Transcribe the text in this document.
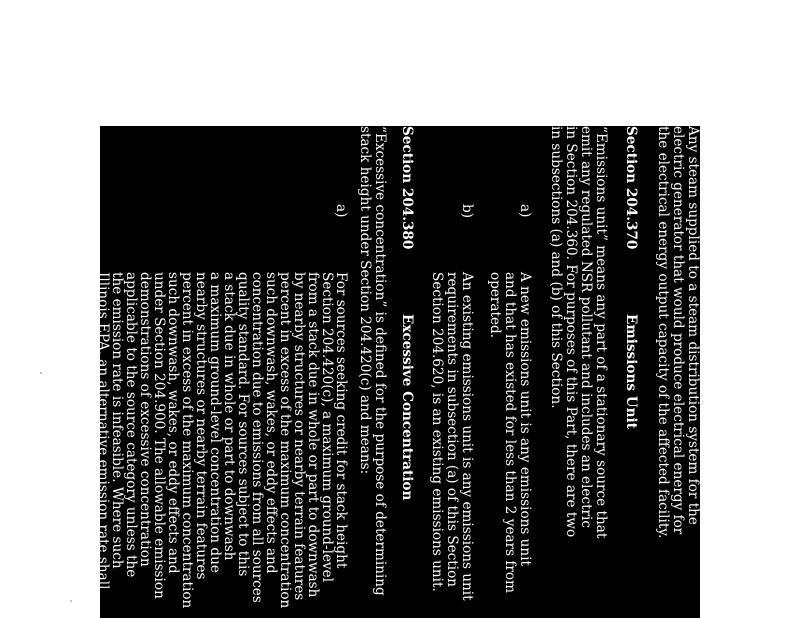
Any steam supplied to a steam distribution system for the
electric generator that would produce electrical energy for
the electrical energy output capacity of the affected facility.
Section 204.370
Emissions Unit
“Emissions unit” means any part of a stationary source that
emit any regulated NSR pollutant and includes an electric
in Section 204.360. For purposes of this Part, there are two
in subsections (a) and (b) of this Section.
a)
A new emissions unit is any emissions unit
and that has existed for less than 2 years from
operated.
b)
An existing emissions unit is any emissions unit
requirements in subsection (a) of this Section
Section 204.620, is an existing emissions unit.
Section 204.380
Excessive Concentration
“Excessive concentration” is defined for the purpose of determining
stack height under Section 204.420(c) and means:
a)
For sources seeking credit for stack height
Section 204.420(c), a maximum ground-level
from a stack due in whole or part to downwash
by nearby structures or nearby terrain features
percent in excess of the maximum concentration
such downwash, wakes, or eddy effects and
concentration due to emissions from all sources
quality standard. For sources subject to this
a stack due in whole or part to downwash
a maximum ground-level concentration due
nearby structures or nearby terrain features
percent in excess of the maximum concentration
such downwash, wakes, or eddy effects and
under Section 204.900. The allowable emission
demonstrations of excessive concentration
applicable to the source category unless the
the emission rate is infeasible. Where such
Illinois EPA, an alternative emission rate shall
the source owner or operator.
b)
For sources seeking credit for increases in
established under Section 204.420(b), either
15
